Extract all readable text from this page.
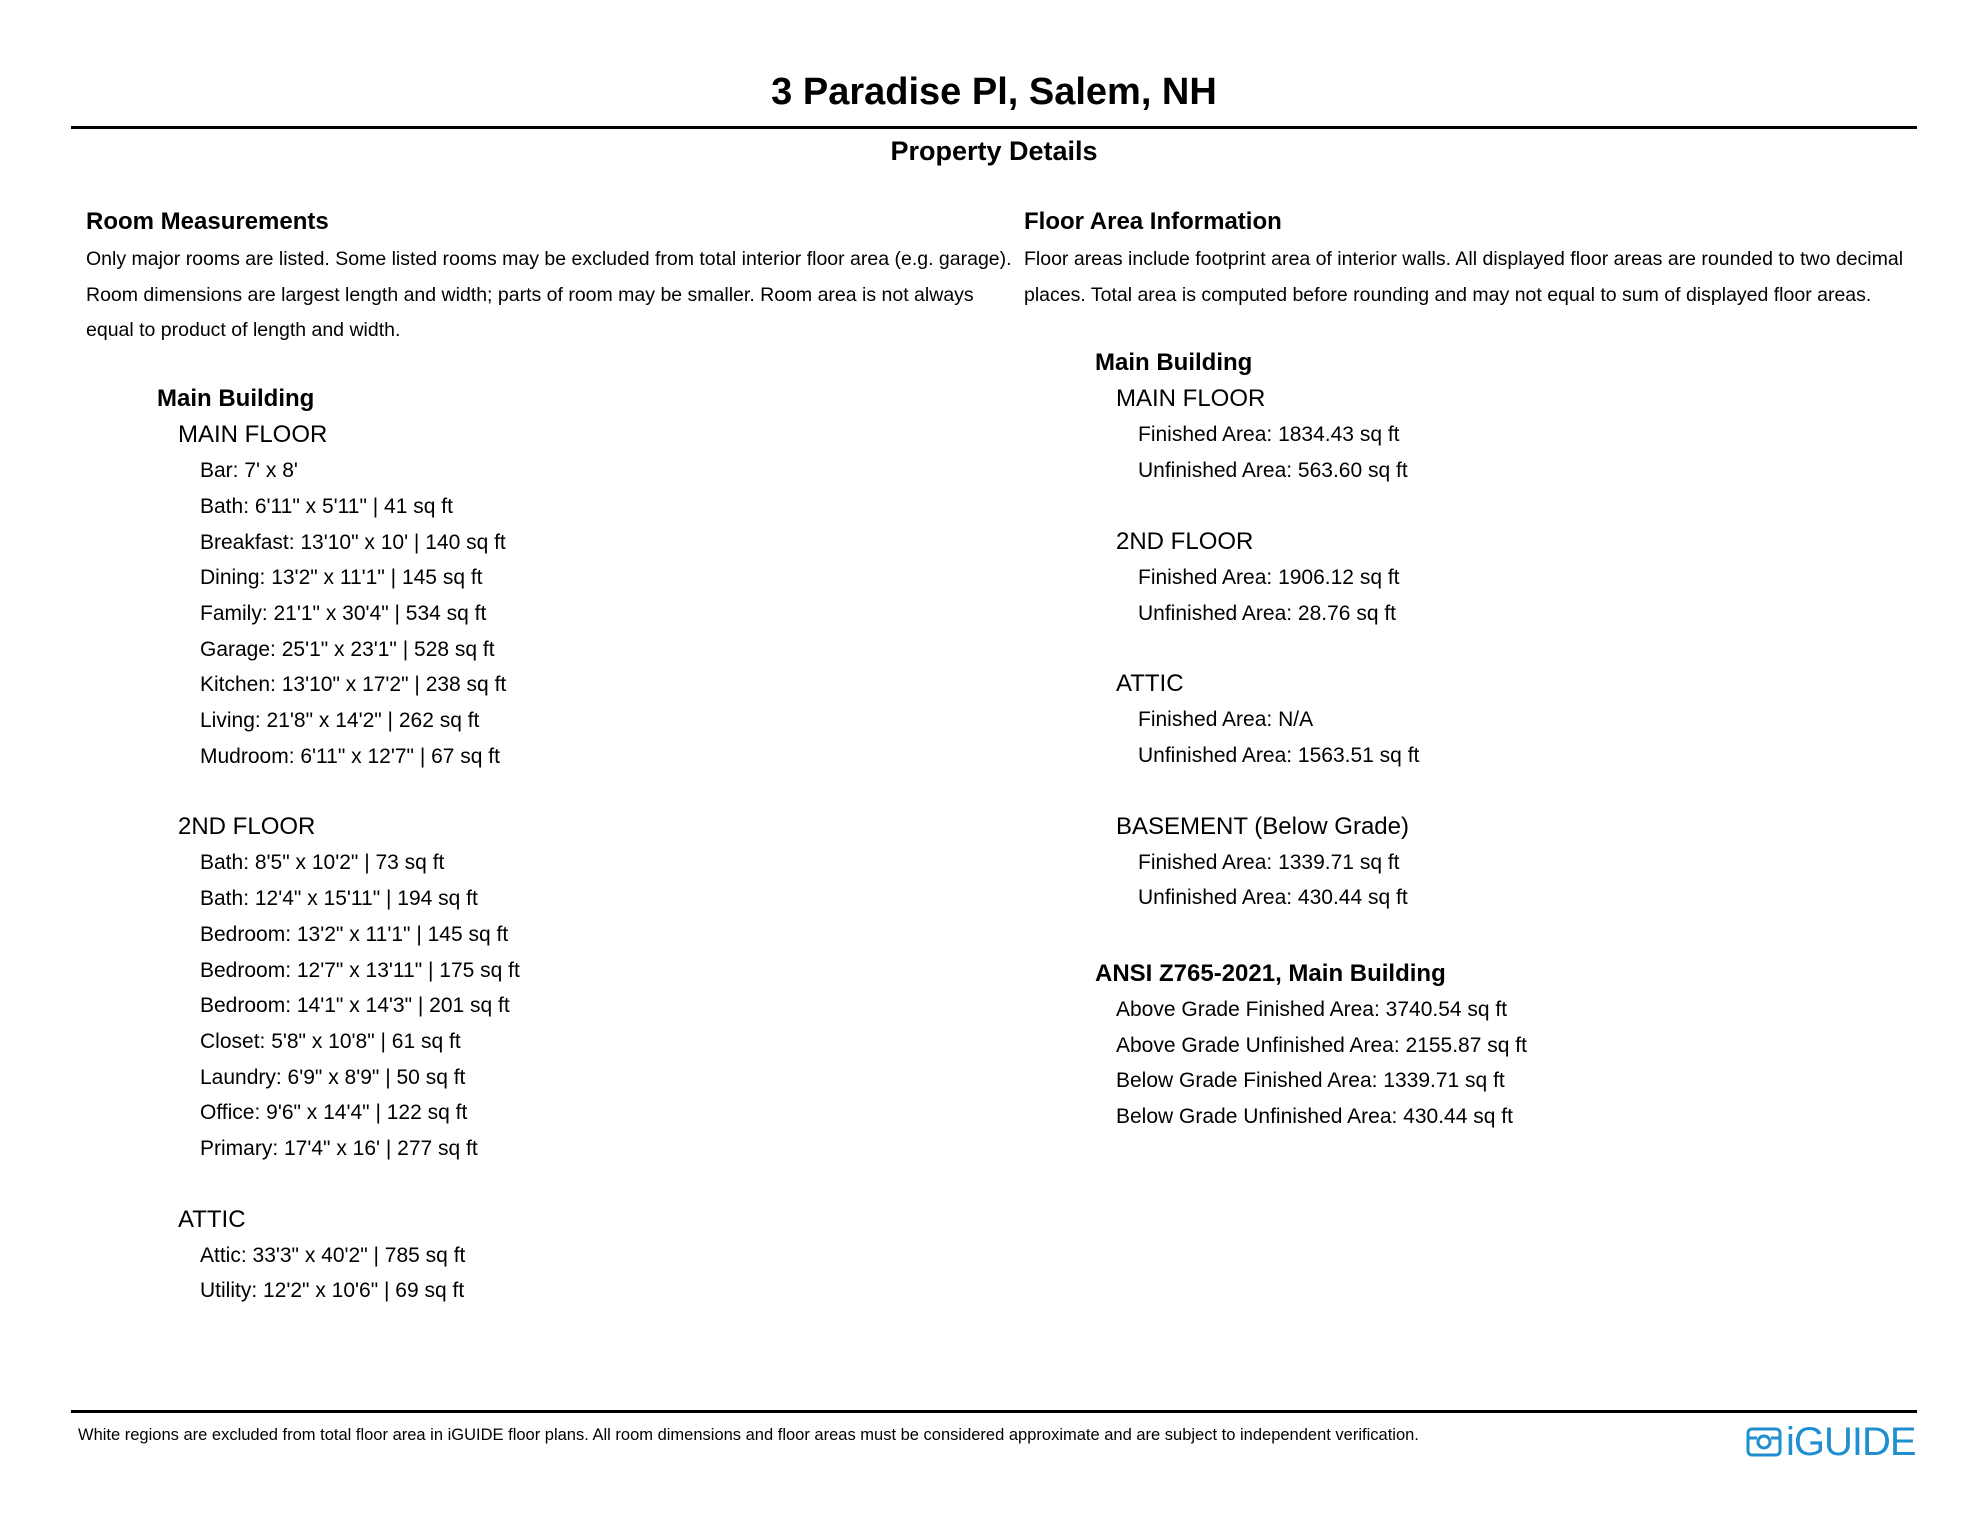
3 Paradise Pl, Salem, NH
Property Details
Room Measurements
Only major rooms are listed. Some listed rooms may be excluded from total interior floor area (e.g. garage). Room dimensions are largest length and width; parts of room may be smaller. Room area is not always equal to product of length and width.
Main Building
MAIN FLOOR
Bar: 7' x 8'
Bath: 6'11" x 5'11" | 41 sq ft
Breakfast: 13'10" x 10' | 140 sq ft
Dining: 13'2" x 11'1" | 145 sq ft
Family: 21'1" x 30'4" | 534 sq ft
Garage: 25'1" x 23'1" | 528 sq ft
Kitchen: 13'10" x 17'2" | 238 sq ft
Living: 21'8" x 14'2" | 262 sq ft
Mudroom: 6'11" x 12'7" | 67 sq ft
2ND FLOOR
Bath: 8'5" x 10'2" | 73 sq ft
Bath: 12'4" x 15'11" | 194 sq ft
Bedroom: 13'2" x 11'1" | 145 sq ft
Bedroom: 12'7" x 13'11" | 175 sq ft
Bedroom: 14'1" x 14'3" | 201 sq ft
Closet: 5'8" x 10'8" | 61 sq ft
Laundry: 6'9" x 8'9" | 50 sq ft
Office: 9'6" x 14'4" | 122 sq ft
Primary: 17'4" x 16' | 277 sq ft
ATTIC
Attic: 33'3" x 40'2" | 785 sq ft
Utility: 12'2" x 10'6" | 69 sq ft
Floor Area Information
Floor areas include footprint area of interior walls. All displayed floor areas are rounded to two decimal places. Total area is computed before rounding and may not equal to sum of displayed floor areas.
Main Building
MAIN FLOOR
Finished Area: 1834.43 sq ft
Unfinished Area: 563.60 sq ft
2ND FLOOR
Finished Area: 1906.12 sq ft
Unfinished Area: 28.76 sq ft
ATTIC
Finished Area: N/A
Unfinished Area: 1563.51 sq ft
BASEMENT (Below Grade)
Finished Area: 1339.71 sq ft
Unfinished Area: 430.44 sq ft
ANSI Z765-2021, Main Building
Above Grade Finished Area: 3740.54 sq ft
Above Grade Unfinished Area: 2155.87 sq ft
Below Grade Finished Area: 1339.71 sq ft
Below Grade Unfinished Area: 430.44 sq ft
White regions are excluded from total floor area in iGUIDE floor plans. All room dimensions and floor areas must be considered approximate and are subject to independent verification.	iGUIDE
